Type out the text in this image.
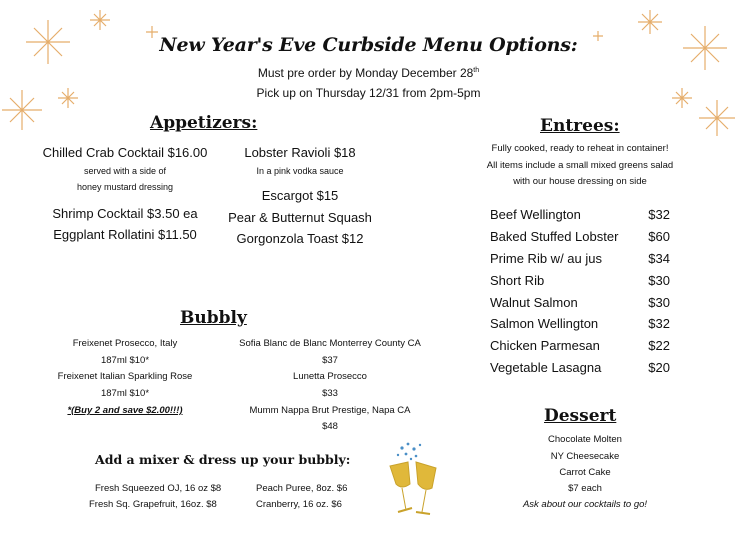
New Year's Eve Curbside Menu Options:
Must pre order by Monday December 28th
Pick up on Thursday 12/31 from 2pm-5pm
Appetizers:
Chilled Crab Cocktail $16.00
served with a side of
honey mustard dressing
Shrimp Cocktail $3.50 ea
Eggplant Rollatini $11.50
Lobster Ravioli $18
In a pink vodka sauce
Escargot $15
Pear & Butternut Squash
Gorgonzola Toast $12
Entrees:
Fully cooked, ready to reheat in container!
All items include a small mixed greens salad
with our house dressing on side
Beef Wellington	$32
Baked Stuffed Lobster $60
Prime Rib w/ au jus	$34
Short Rib	$30
Walnut Salmon	$30
Salmon Wellington	$32
Chicken Parmesan	$22
Vegetable Lasagna	$20
Bubbly
Freixenet Prosecco, Italy
187ml $10*
Freixenet Italian Sparkling Rose
187ml $10*
*(Buy 2 and save $2.00!!!)
Sofia Blanc de Blanc Monterrey County CA
$37
Lunetta Prosecco
$33
Mumm Nappa Brut Prestige, Napa CA
$48
Add a mixer & dress up your bubbly:
Fresh Squeezed OJ, 16 oz $8
Fresh Sq. Grapefruit, 16oz. $8
Peach Puree, 8oz. $6
Cranberry, 16 oz. $6
Dessert
Chocolate Molten
NY Cheesecake
Carrot Cake
$7 each
Ask about our cocktails to go!
